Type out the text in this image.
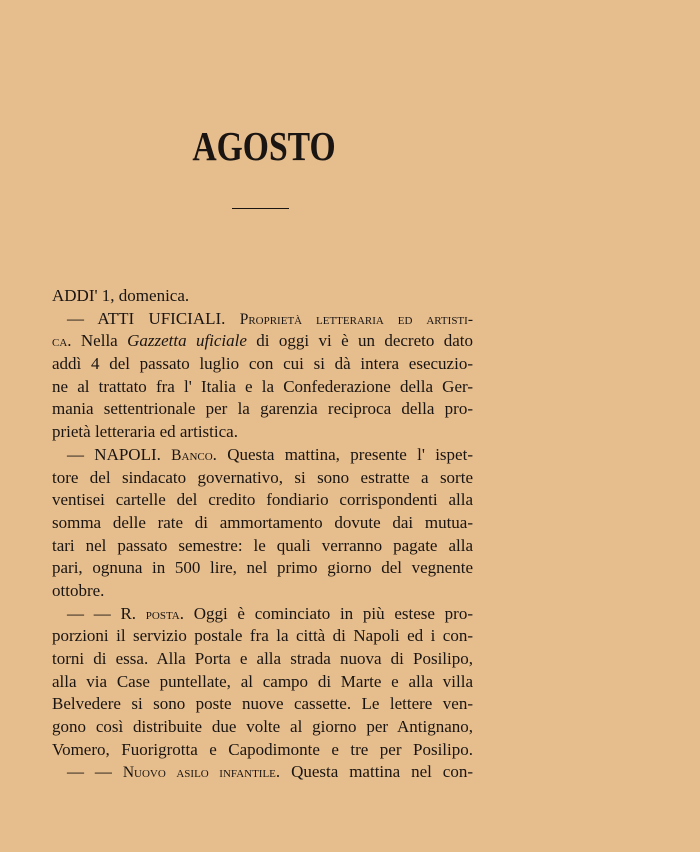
AGOSTO
ADDI' 1, domenica.
— ATTI UFICIALI. Proprietà letteraria ed artisti-
ca. Nella Gazzetta uficiale di oggi vi è un decreto dato
addì 4 del passato luglio con cui si dà intera esecuzio-
ne al trattato fra l' Italia e la Confederazione della Ger-
mania settentrionale per la garenzia reciproca della pro-
prietà letteraria ed artistica.
— NAPOLI. Banco. Questa mattina, presente l' ispet-
tore del sindacato governativo, si sono estratte a sorte
ventisei cartelle del credito fondiario corrispondenti alla
somma delle rate di ammortamento dovute dai mutua-
tari nel passato semestre: le quali verranno pagate alla
pari, ognuna in 500 lire, nel primo giorno del vegnente
ottobre.
— — R. posta. Oggi è cominciato in più estese pro-
porzioni il servizio postale fra la città di Napoli ed i con-
torni di essa. Alla Porta e alla strada nuova di Posilipo,
alla via Case puntellate, al campo di Marte e alla villa
Belvedere si sono poste nuove cassette. Le lettere ven-
gono così distribuite due volte al giorno per Antignano,
Vomero, Fuorigrotta e Capodimonte e tre per Posilipo.
— — Nuovo asilo infantile. Questa mattina nel con-
